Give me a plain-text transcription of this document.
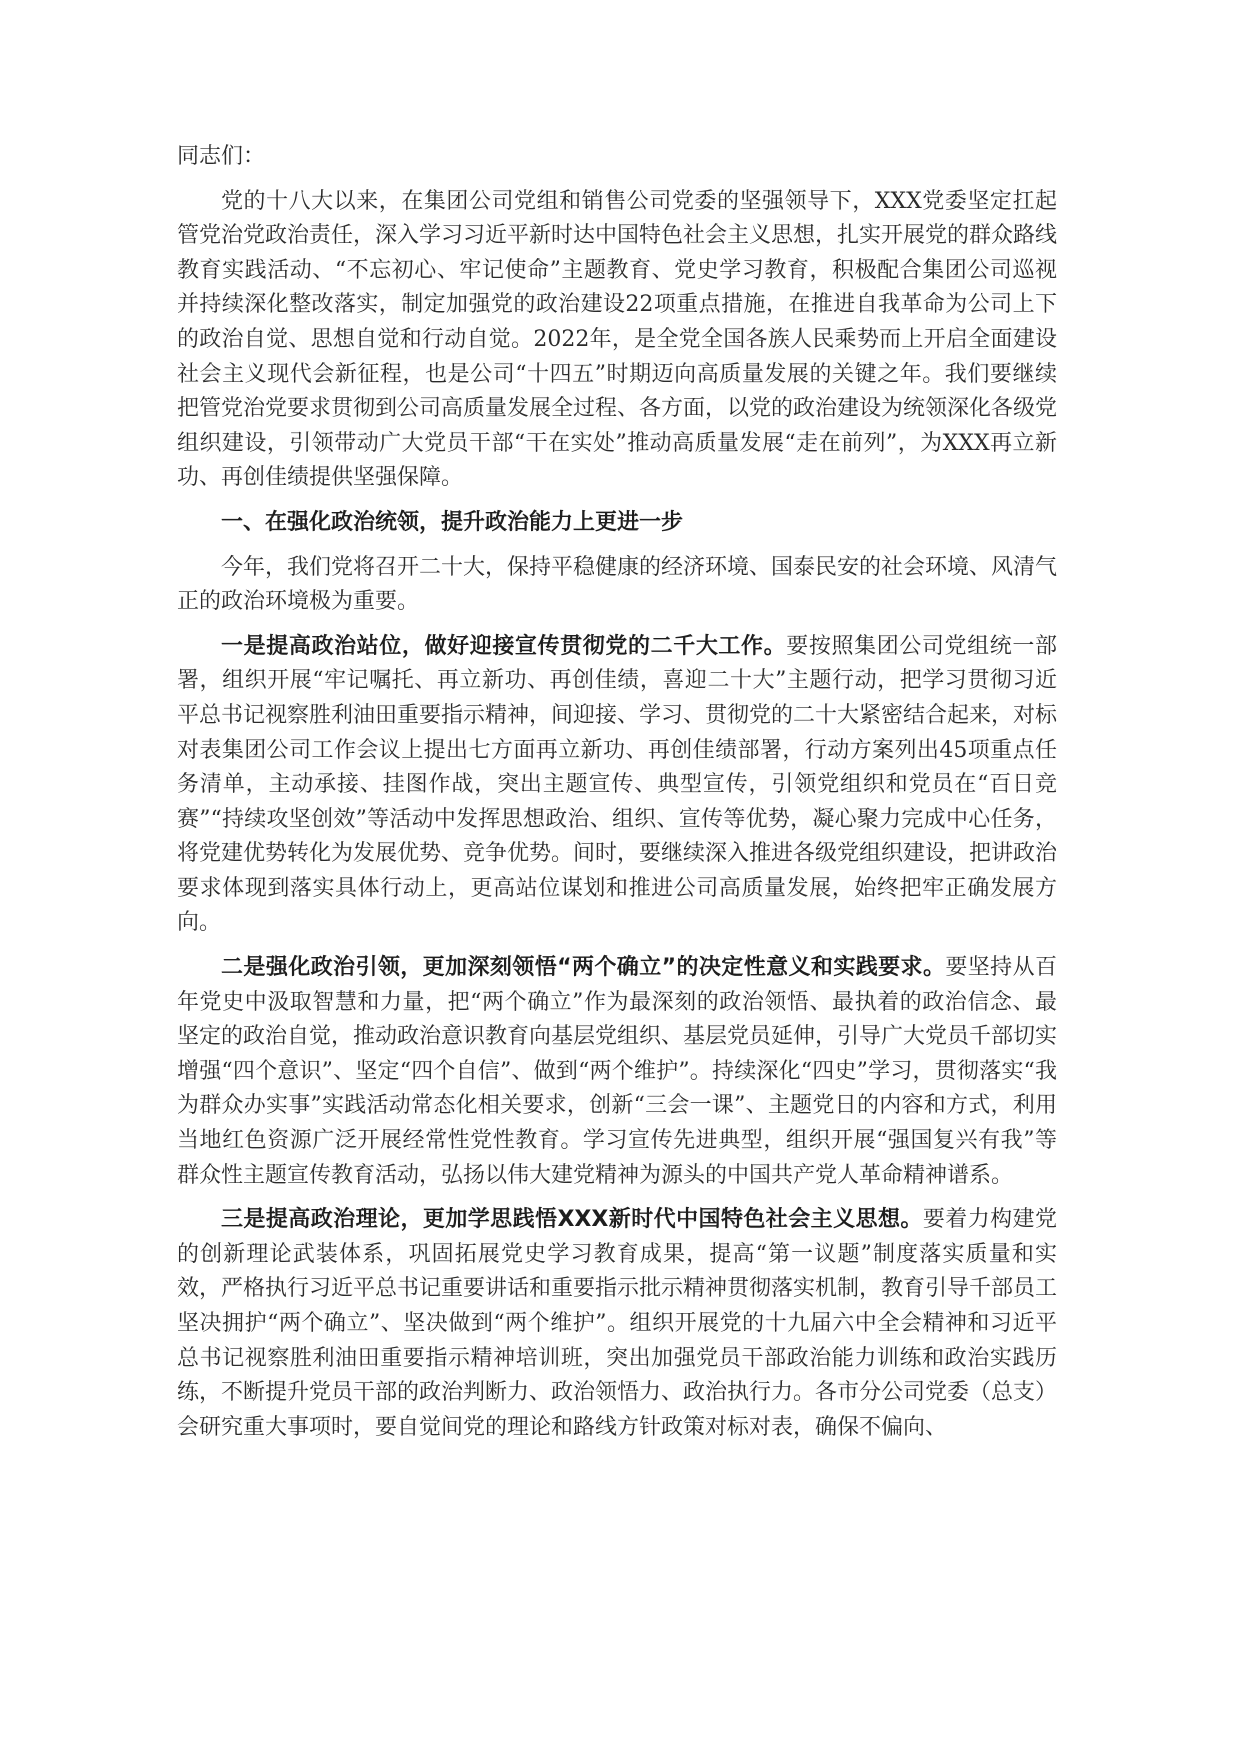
同志们：

党的十八大以来，在集团公司党组和销售公司党委的坚强领导下，XXX党委坚定扛起管党治党政治责任，深入学习习近平新时达中国特色社会主义思想，扎实开展党的群众路线教育实践活动、“不忘初心、牢记使命”主题教育、党史学习教育，积极配合集团公司巡视并持续深化整改落实，制定加强党的政治建设22项重点措施，在推进自我革命为公司上下的政治自觉、思想自觉和行动自觉。2022年，是全党全国各族人民乘势而上开启全面建设社会主义现代会新征程，也是公司“十四五”时期迈向高质量发展的关键之年。我们要继续把管党治党要求贯彻到公司高质量发展全过程、各方面，以党的政治建设为统领深化各级党组织建设，引领带动广大党员干部“干在实处”推动高质量发展“走在前列”，为XXX再立新功、再创佳绩提供坚强保障。

一、在强化政治统领，提升政治能力上更进一步

今年，我们党将召开二十大，保持平稳健康的经济环境、国泰民安的社会环境、风清气正的政治环境极为重要。

一是提高政治站位，做好迎接宣传贯彻党的二千大工作。要按照集团公司党组统一部署，组织开展“牢记嘱托、再立新功、再创佳绩，喜迎二十大”主题行动，把学习贯彻习近平总书记视察胜利油田重要指示精神，间迎接、学习、贯彻党的二十大紧密结合起来，对标对表集团公司工作会议上提出七方面再立新功、再创佳绩部署，行动方案列出45项重点任务清单，主动承接、挂图作战，突出主题宣传、典型宣传，引领党组织和党员在“百日竞赛”“持续攻坚创效”等活动中发挥思想政治、组织、宣传等优势，凝心聚力完成中心任务，将党建优势转化为发展优势、竞争优势。间时，要继续深入推进各级党组织建设，把讲政治要求体现到落实具体行动上，更高站位谋划和推进公司高质量发展，始终把牢正确发展方向。

二是强化政治引领，更加深刻领悟“两个确立”的决定性意义和实践要求。要坚持从百年党史中汲取智慧和力量，把“两个确立”作为最深刻的政治领悟、最执着的政治信念、最坚定的政治自觉，推动政治意识教育向基层党组织、基层党员延伸，引导广大党员千部切实增强“四个意识”、坚定“四个自信”、做到“两个维护”。持续深化“四史”学习，贯彻落实“我为群众办实事”实践活动常态化相关要求，创新“三会一课”、主题党日的内容和方式，利用当地红色资源广泛开展经常性党性教育。学习宣传先进典型，组织开展“强国复兴有我”等群众性主题宣传教育活动，弘扬以伟大建党精神为源头的中国共产党人革命精神谱系。

三是提高政治理论，更加学思践悟XXX新时代中国特色社会主义思想。要着力构建党的创新理论武装体系，巩固拓展党史学习教育成果，提高“第一议题”制度落实质量和实效，严格执行习近平总书记重要讲话和重要指示批示精神贯彻落实机制，教育引导千部员工坚决拥护“两个确立”、坚决做到“两个维护”。组织开展党的十九届六中全会精神和习近平总书记视察胜利油田重要指示精神培训班，突出加强党员干部政治能力训练和政治实践历练，不断提升党员干部的政治判断力、政治领悟力、政治执行力。各市分公司党委（总支）会研究重大事项时，要自觉间党的理论和路线方针政策对标对表，确保不偏向、
